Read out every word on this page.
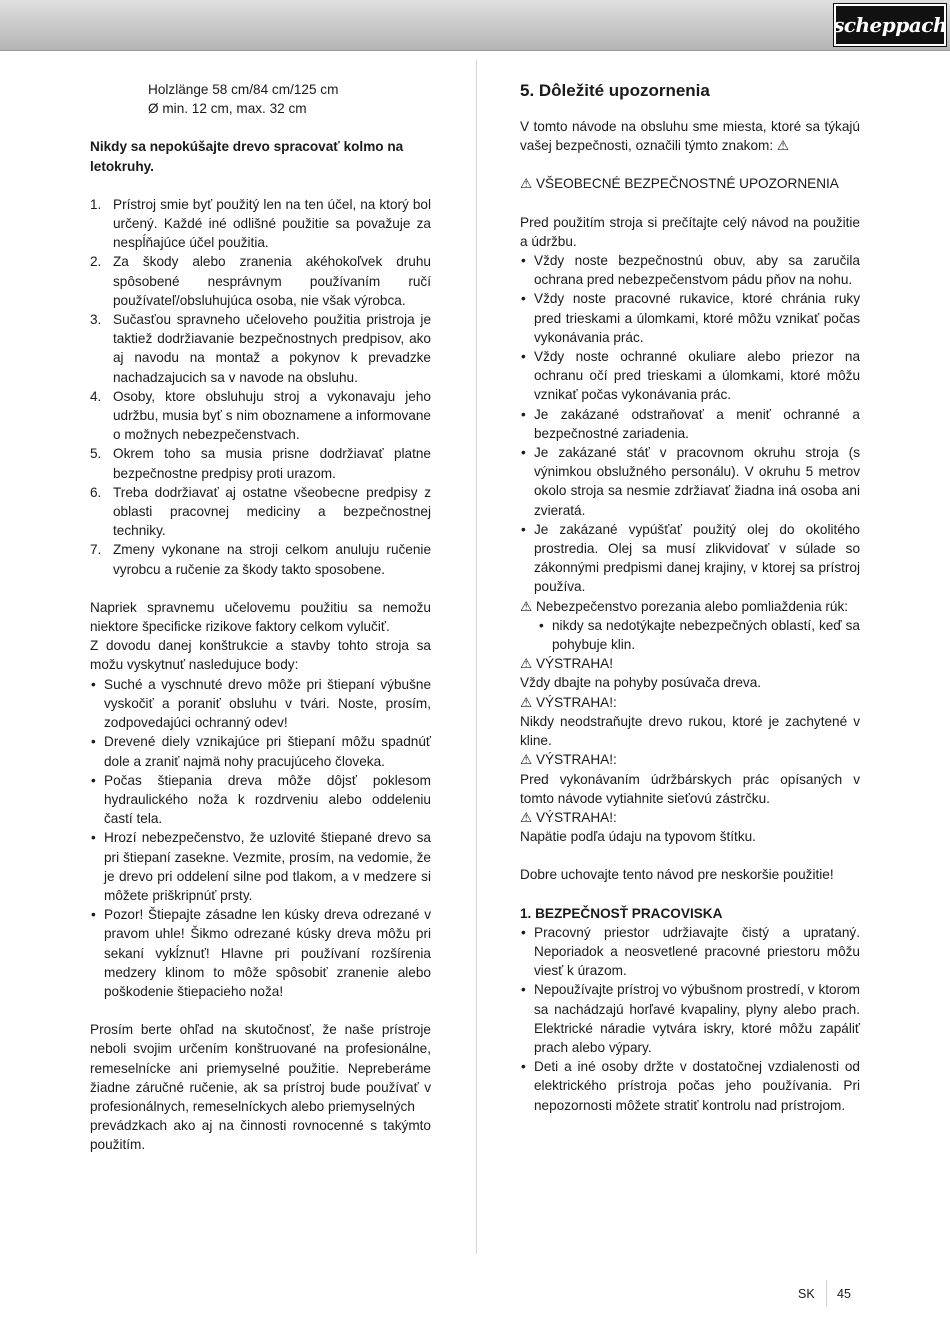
scheppach

Holzlänge 58 cm/84 cm/125 cm

Ø min. 12 cm, max. 32 cm

Nikdy sa nepokúšajte drevo spracovať kolmo na letokruhy.

1. Prístroj smie byť použitý len na ten účel, na ktorý bol určený. Každé iné odlišné použitie sa považuje za nespĺňajúce účel použitia.
2. Za škody alebo zranenia akéhokoľvek druhu spôsobené nesprávnym používaním ručí používateľ/obsluhujúca osoba, nie však výrobca.
3. Sučasťou spravneho učeloveho použitia pristroja je taktiež dodržiavanie bezpečnostnych predpisov, ako aj navodu na montaž a pokynov k prevadzke nachadzajucich sa v navode na obsluhu.
4. Osoby, ktore obsluhuju stroj a vykonavaju jeho udržbu, musia byť s nim oboznamene a informovane o možnych nebezpečenstvach.
5. Okrem toho sa musia prisne dodržiavať platne bezpečnostne predpisy proti urazom.
6. Treba dodržiavať aj ostatne všeobecne predpisy z oblasti pracovnej mediciny a bezpečnostnej techniky.
7. Zmeny vykonane na stroji celkom anuluju ručenie vyrobcu a ručenie za škody takto sposobene.

Napriek spravnemu učelovemu použitiu sa nemožu niektore špecificke rizikove faktory celkom vylučiť.

Z dovodu danej konštrukcie a stavby tohto stroja sa možu vyskytnuť nasledujuce body:

• Suché a vyschnuté drevo môže pri štiepaní výbušne vyskočiť a poraniť obsluhu v tvári. Noste, prosím, zodpovedajúci ochranný odev!
• Drevené diely vznikajúce pri štiepaní môžu spadnúť dole a zraniť najmä nohy pracujúceho človeka.
• Počas štiepania dreva môže dôjsť poklesom hydraulického noža k rozdrveniu alebo oddeleniu častí tela.
• Hrozí nebezpečenstvo, že uzlovité štiepané drevo sa pri štiepaní zasekne. Vezmite, prosím, na vedomie, že je drevo pri oddelení silne pod tlakom, a v medzere si môžete priškripnúť prsty.
• Pozor! Štiepajte zásadne len kúsky dreva odrezané v pravom uhle! Šikmo odrezané kúsky dreva môžu pri sekaní vykĺznuť! Hlavne pri používaní rozšírenia medzery klinom to môže spôsobiť zranenie alebo poškodenie štiepacieho noža!

Prosím berte ohľad na skutočnosť, že naše prístroje neboli svojim určením konštruované na profesionálne, remeselnícke ani priemyselné použitie. Nepreberáme žiadne záručné ručenie, ak sa prístroj bude používať v profesionálnych, remeselníckych alebo priemyselných

prevádzkach ako aj na činnosti rovnocenné s takýmto použitím.

5. Dôležité upozornenia

V tomto návode na obsluhu sme miesta, ktoré sa týkajú vašej bezpečnosti, označili týmto znakom: ⚠

⚠ VŠEOBECNÉ BEZPEČNOSTNÉ UPOZORNENIA

Pred použitím stroja si prečítajte celý návod na použitie a údržbu.

• Vždy noste bezpečnostnú obuv, aby sa zaručila ochrana pred nebezpečenstvom pádu pňov na nohu.
• Vždy noste pracovné rukavice, ktoré chránia ruky pred trieskami a úlomkami, ktoré môžu vznikať počas vykonávania prác.
• Vždy noste ochranné okuliare alebo priezor na ochranu očí pred trieskami a úlomkami, ktoré môžu vznikať počas vykonávania prác.
• Je zakázané odstraňovať a meniť ochranné a bezpečnostné zariadenia.
• Je zakázané stáť v pracovnom okruhu stroja (s výnimkou obslužného personálu). V okruhu 5 metrov okolo stroja sa nesmie zdržiavať žiadna iná osoba ani zvieratá.
• Je zakázané vypúšťať použitý olej do okolitého prostredia. Olej sa musí zlikvidovať v súlade so zákonnými predpismi danej krajiny, v ktorej sa prístroj používa.

⚠ Nebezpečenstvo porezania alebo pomliaždenia rúk:

• nikdy sa nedotýkajte nebezpečných oblastí, keď sa pohybuje klin.

⚠ VÝSTRAHA!

Vždy dbajte na pohyby posúvača dreva.

⚠ VÝSTRAHA!:

Nikdy neodstraňujte drevo rukou, ktoré je zachytené v kline.

⚠ VÝSTRAHA!:

Pred vykonávaním údržbárskych prác opísaných v tomto návode vytiahnite sieťovú zástrčku.

⚠ VÝSTRAHA!:

Napätie podľa údaju na typovom štítku.

Dobre uchovajte tento návod pre neskoršie použitie!

1. BEZPEČNOSŤ PRACOVISKA

• Pracovný priestor udržiavajte čistý a uprataný. Neporiadok a neosvetlené pracovné priestoru môžu viesť k úrazom.
• Nepoužívajte prístroj vo výbušnom prostredí, v ktorom sa nachádzajú horľavé kvapaliny, plyny alebo prach. Elektrické náradie vytvára iskry, ktoré môžu zapáliť prach alebo výpary.
• Deti a iné osoby držte v dostatočnej vzdialenosti od elektrického prístroja počas jeho používania. Pri nepozornosti môžete stratiť kontrolu nad prístrojom.
SK 45
